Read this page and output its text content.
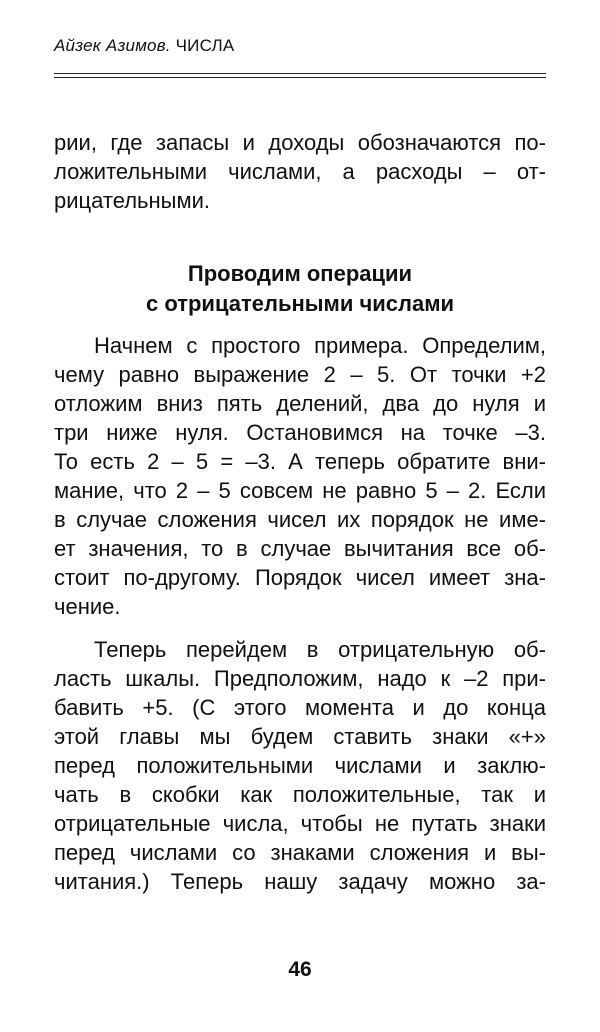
Айзек Азимов. ЧИСЛА
рии, где запасы и доходы обозначаются по-
ложительными числами, а расходы – от-
рицательными.
Проводим операции
с отрицательными числами
Начнем с простого примера. Определим,
чему равно выражение 2 – 5. От точки +2
отложим вниз пять делений, два до нуля и
три ниже нуля. Остановимся на точке –3.
То есть 2 – 5 = –3. А теперь обратите вни-
мание, что 2 – 5 совсем не равно 5 – 2. Если
в случае сложения чисел их порядок не име-
ет значения, то в случае вычитания все об-
стоит по-другому. Порядок чисел имеет зна-
чение.
Теперь перейдем в отрицательную об-
ласть шкалы. Предположим, надо к –2 при-
бавить +5. (С этого момента и до конца
этой главы мы будем ставить знаки «+»
перед положительными числами и заклю-
чать в скобки как положительные, так и
отрицательные числа, чтобы не путать знаки
перед числами со знаками сложения и вы-
читания.) Теперь нашу задачу можно за-
46
